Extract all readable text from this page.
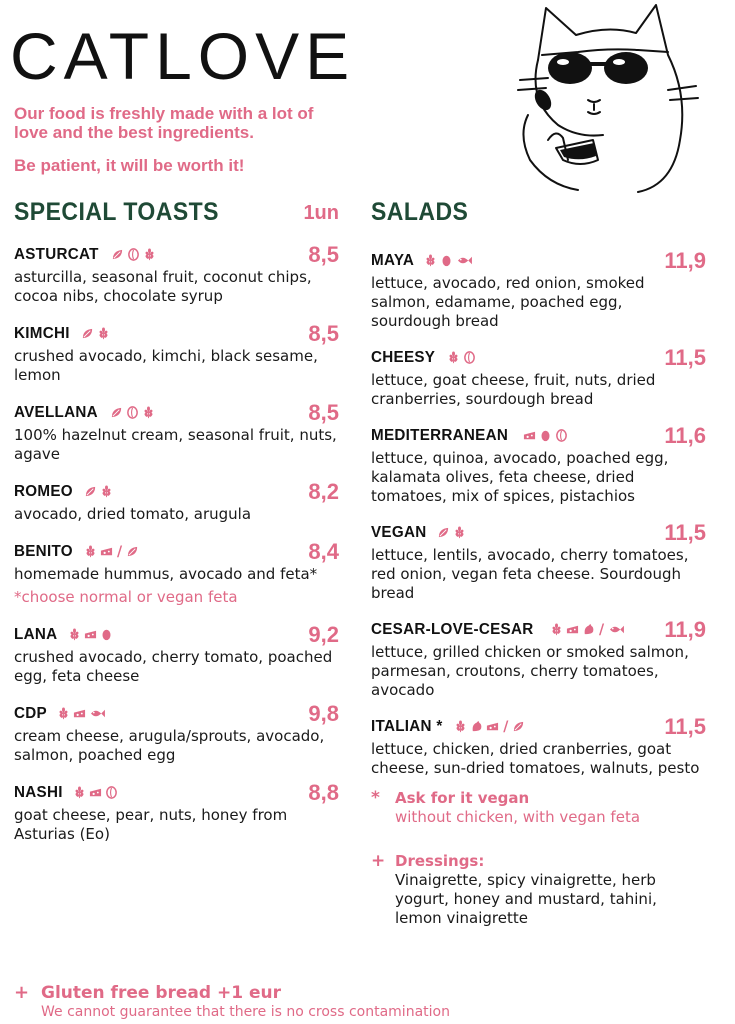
CATLOVE

Our food is freshly made with a lot of love and the best ingredients.

Be patient, it will be worth it!

SPECIAL TOASTS	1un
ASTURCAT	8,5
asturcilla, seasonal fruit, coconut chips, cocoa nibs, chocolate syrup
KIMCHI	8,5
crushed avocado, kimchi, black sesame, lemon
AVELLANA	8,5
100% hazelnut cream, seasonal fruit, nuts, agave
ROMEO	8,2
avocado, dried tomato, arugula
BENITO	/	8,4
homemade hummus, avocado and feta*
*choose normal or vegan feta
LANA	9,2
crushed avocado, cherry tomato, poached egg, feta cheese
CDP	9,8
cream cheese, arugula/sprouts, avocado, salmon, poached egg
NASHI	8,8
goat cheese, pear, nuts, honey from Asturias (Eo)
SALADS
MAYA	11,9
lettuce, avocado, red onion, smoked salmon, edamame, poached egg, sourdough bread
CHEESY	11,5
lettuce, goat cheese, fruit, nuts, dried cranberries, sourdough bread
MEDITERRANEAN	11,6
lettuce, quinoa, avocado, poached egg, kalamata olives, feta cheese, dried tomatoes, mix of spices, pistachios
VEGAN	11,5
lettuce, lentils, avocado, cherry tomatoes, red onion, vegan feta cheese. Sourdough bread
CESAR-LOVE-CESAR	/	11,9
lettuce, grilled chicken or smoked salmon, parmesan, croutons, cherry tomatoes, avocado
ITALIAN *	/	11,5
lettuce, chicken, dried cranberries, goat cheese, sun-dried tomatoes, walnuts, pesto
*	Ask for it vegan
without chicken, with vegan feta
+ Dressings:
Vinaigrette, spicy vinaigrette, herb yogurt, honey and mustard, tahini, lemon vinaigrette
+ Gluten free bread +1 eur
We cannot guarantee that there is no cross contamination
